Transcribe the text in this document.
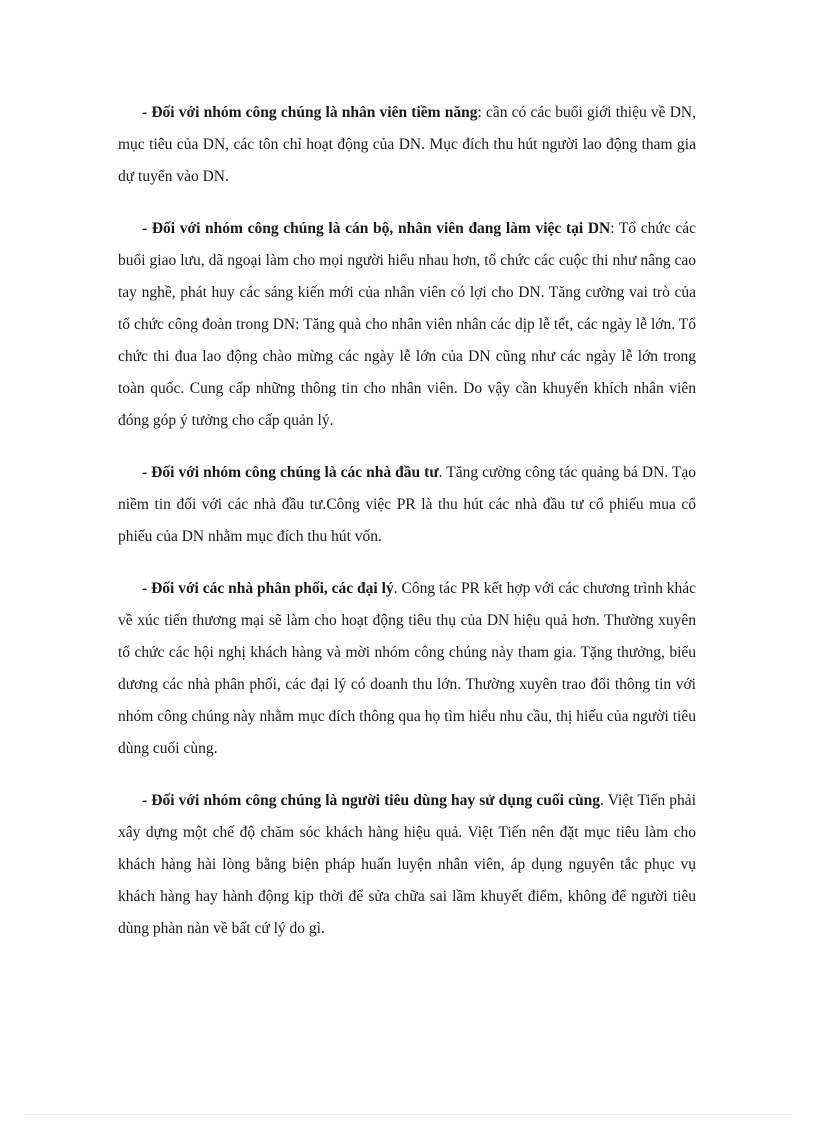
- Đối với nhóm công chúng là nhân viên tiềm năng: cần có các buổi giới thiệu về DN, mục tiêu của DN, các tôn chỉ hoạt động của DN. Mục đích thu hút người lao động tham gia dự tuyển vào DN.

- Đối với nhóm công chúng là cán bộ, nhân viên đang làm việc tại DN: Tổ chức các buổi giao lưu, dã ngoại làm cho mọi người hiểu nhau hơn, tổ chức các cuộc thi như nâng cao tay nghề, phát huy các sáng kiến mới của nhân viên có lợi cho DN. Tăng cường vai trò của tổ chức công đoàn trong DN: Tăng quà cho nhân viên nhân các dịp lễ tết, các ngày lễ lớn. Tổ chức thi đua lao động chào mừng các ngày lễ lớn của DN cũng như các ngày lễ lớn trong toàn quốc. Cung cấp những thông tin cho nhân viên. Do vậy cần khuyến khích nhân viên đóng góp ý tưởng cho cấp quản lý.

- Đối với nhóm công chúng là các nhà đầu tư. Tăng cường công tác quảng bá DN. Tạo niềm tin đối với các nhà đầu tư.Công việc PR là thu hút các nhà đầu tư cổ phiếu mua cổ phiếu của DN nhằm mục đích thu hút vốn.

- Đối với các nhà phân phối, các đại lý. Công tác PR kết hợp với các chương trình khác về xúc tiến thương mại sẽ làm cho hoạt động tiêu thụ của DN hiệu quả hơn. Thường xuyên tổ chức các hội nghị khách hàng và mời nhóm công chúng này tham gia. Tặng thưởng, biểu dương các nhà phân phối, các đại lý có doanh thu lớn. Thường xuyên trao đổi thông tin với nhóm công chúng này nhằm mục đích thông qua họ tìm hiểu nhu cầu, thị hiếu của người tiêu dùng cuối cùng.

- Đối với nhóm công chúng là người tiêu dùng hay sử dụng cuối cùng. Việt Tiến phải xây dựng một chế độ chăm sóc khách hàng hiệu quả. Việt Tiến nên đặt mục tiêu làm cho khách hàng hài lòng bằng biện pháp huấn luyện nhân viên, áp dụng nguyên tắc phục vụ khách hàng hay hành động kịp thời để sửa chữa sai lầm khuyết điểm, không để người tiêu dùng phàn nàn về bất cứ lý do gì.
